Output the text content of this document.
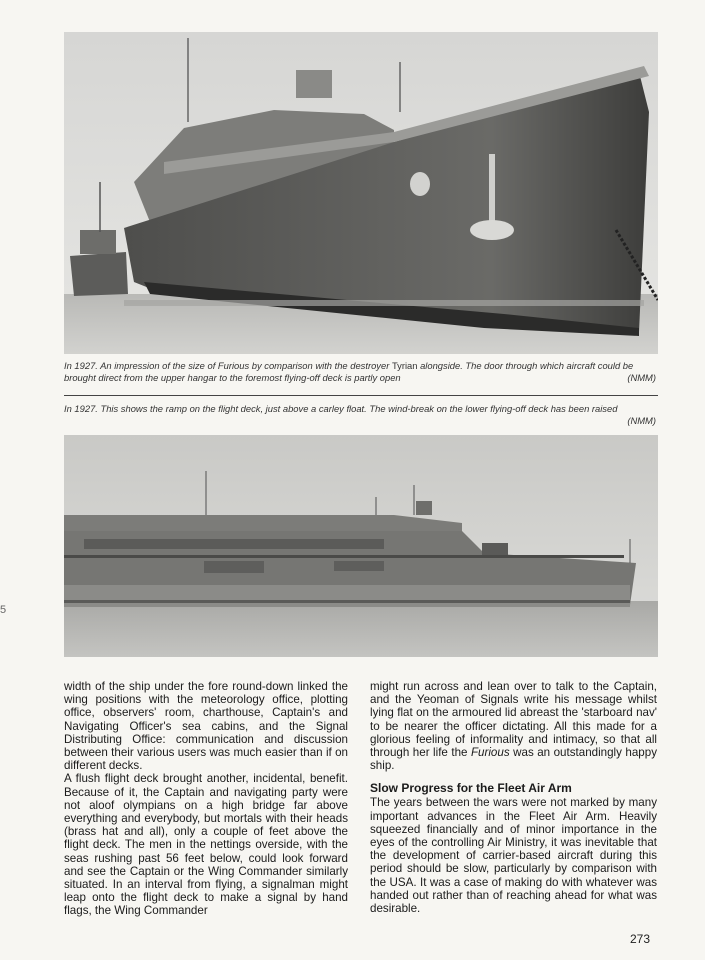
In 1927. An impression of the size of Furious by comparison with the destroyer Tyrian alongside. The door through which aircraft could be brought direct from the upper hangar to the foremost flying-off deck is partly open	(NMM)
In 1927. This shows the ramp on the flight deck, just above a carley float. The wind-break on the lower flying-off deck has been raised
(NMM)

width of the ship under the fore round-down linked the wing positions with the meteorology office, plotting office, observers' room, charthouse, Captain's and Navigating Officer's sea cabins, and the Signal Distributing Office: communication and discussion between their various users was much easier than if on different decks.

A flush flight deck brought another, incidental, benefit. Because of it, the Captain and navigating party were not aloof olympians on a high bridge far above everything and everybody, but mortals with their heads (brass hat and all), only a couple of feet above the flight deck. The men in the nettings overside, with the seas rushing past 56 feet below, could look forward and see the Captain or the Wing Commander similarly situated. In an interval from flying, a signalman might leap onto the flight deck to make a signal by hand flags, the Wing Commander

might run across and lean over to talk to the Captain, and the Yeoman of Signals write his message whilst lying flat on the armoured lid abreast the 'starboard nav' to be nearer the officer dictating. All this made for a glorious feeling of informality and intimacy, so that all through her life the Furious was an outstandingly happy ship.

Slow Progress for the Fleet Air Arm

The years between the wars were not marked by many important advances in the Fleet Air Arm. Heavily squeezed financially and of minor importance in the eyes of the controlling Air Ministry, it was inevitable that the development of carrier-based aircraft during this period should be slow, particularly by comparison with the USA. It was a case of making do with whatever was handed out rather than of reaching ahead for what was desirable.

5
273
